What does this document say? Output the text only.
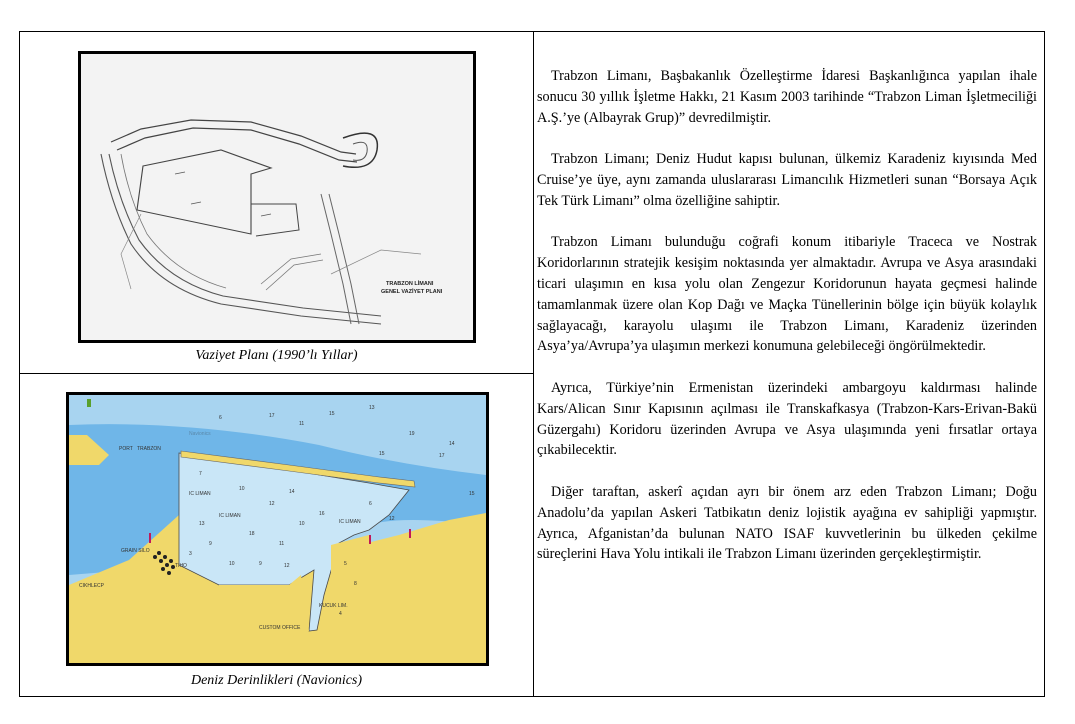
TRABZON LİMANI
GENEL VAZİYET PLANI
Vaziyet Planı (1990’lı Yıllar)
PORT TRABZON
IC LIMAN
IC LIMAN
IC LIMAN
GRAIN SILO
TIHO
CIKHLECP
CUSTOM OFFICE
KUCUK LIM.
Navionics
15
13
11
19
14
17
6
15	17
7
10
12
14
16
18
9	11
10
6
12
10	9
13
12	5
8
4
3
15
Deniz Derinlikleri (Navionics)

Trabzon Limanı, Başbakanlık Özelleştirme İdaresi Başkanlığınca yapılan ihale sonucu 30 yıllık İşletme Hakkı, 21 Kasım 2003 tarihinde “Trabzon Liman İşletmeciliği A.Ş.’ye (Albayrak Grup)” devredilmiştir.

Trabzon Limanı; Deniz Hudut kapısı bulunan, ülkemiz Karadeniz kıyısında Med Cruise’ye üye, aynı zamanda uluslararası Limancılık Hizmetleri sunan “Borsaya Açık Tek Türk Limanı” olma özelliğine sahiptir.

Trabzon Limanı bulunduğu coğrafi konum itibariyle Traceca ve Nostrak Koridorlarının stratejik kesişim noktasında yer almaktadır. Avrupa ve Asya arasındaki ticari ulaşımın en kısa yolu olan Zengezur Koridorunun hayata geçmesi halinde tamamlanmak üzere olan Kop Dağı ve Maçka Tünellerinin bölge için büyük kolaylık sağlayacağı, karayolu ulaşımı ile Trabzon Limanı, Karadeniz üzerinden Asya’ya/Avrupa’ya ulaşımın merkezi konumuna gelebileceği öngörülmektedir.

Ayrıca, Türkiye’nin Ermenistan üzerindeki ambargoyu kaldırması halinde Kars/Alican Sınır Kapısının açılması ile Transkafkasya (Trabzon-Kars-Erivan-Bakü Güzergahı) Koridoru üzerinden Avrupa ve Asya ulaşımında yeni fırsatlar ortaya çıkabilecektir.

Diğer taraftan, askerî açıdan ayrı bir önem arz eden Trabzon Limanı; Doğu Anadolu’da yapılan Askeri Tatbikatın deniz lojistik ayağına ev sahipliği yapmıştır. Ayrıca, Afganistan’da bulunan NATO ISAF kuvvetlerinin bu ülkeden çekilme süreçlerini Hava Yolu intikali ile Trabzon Limanı üzerinden gerçekleştirmiştir.
